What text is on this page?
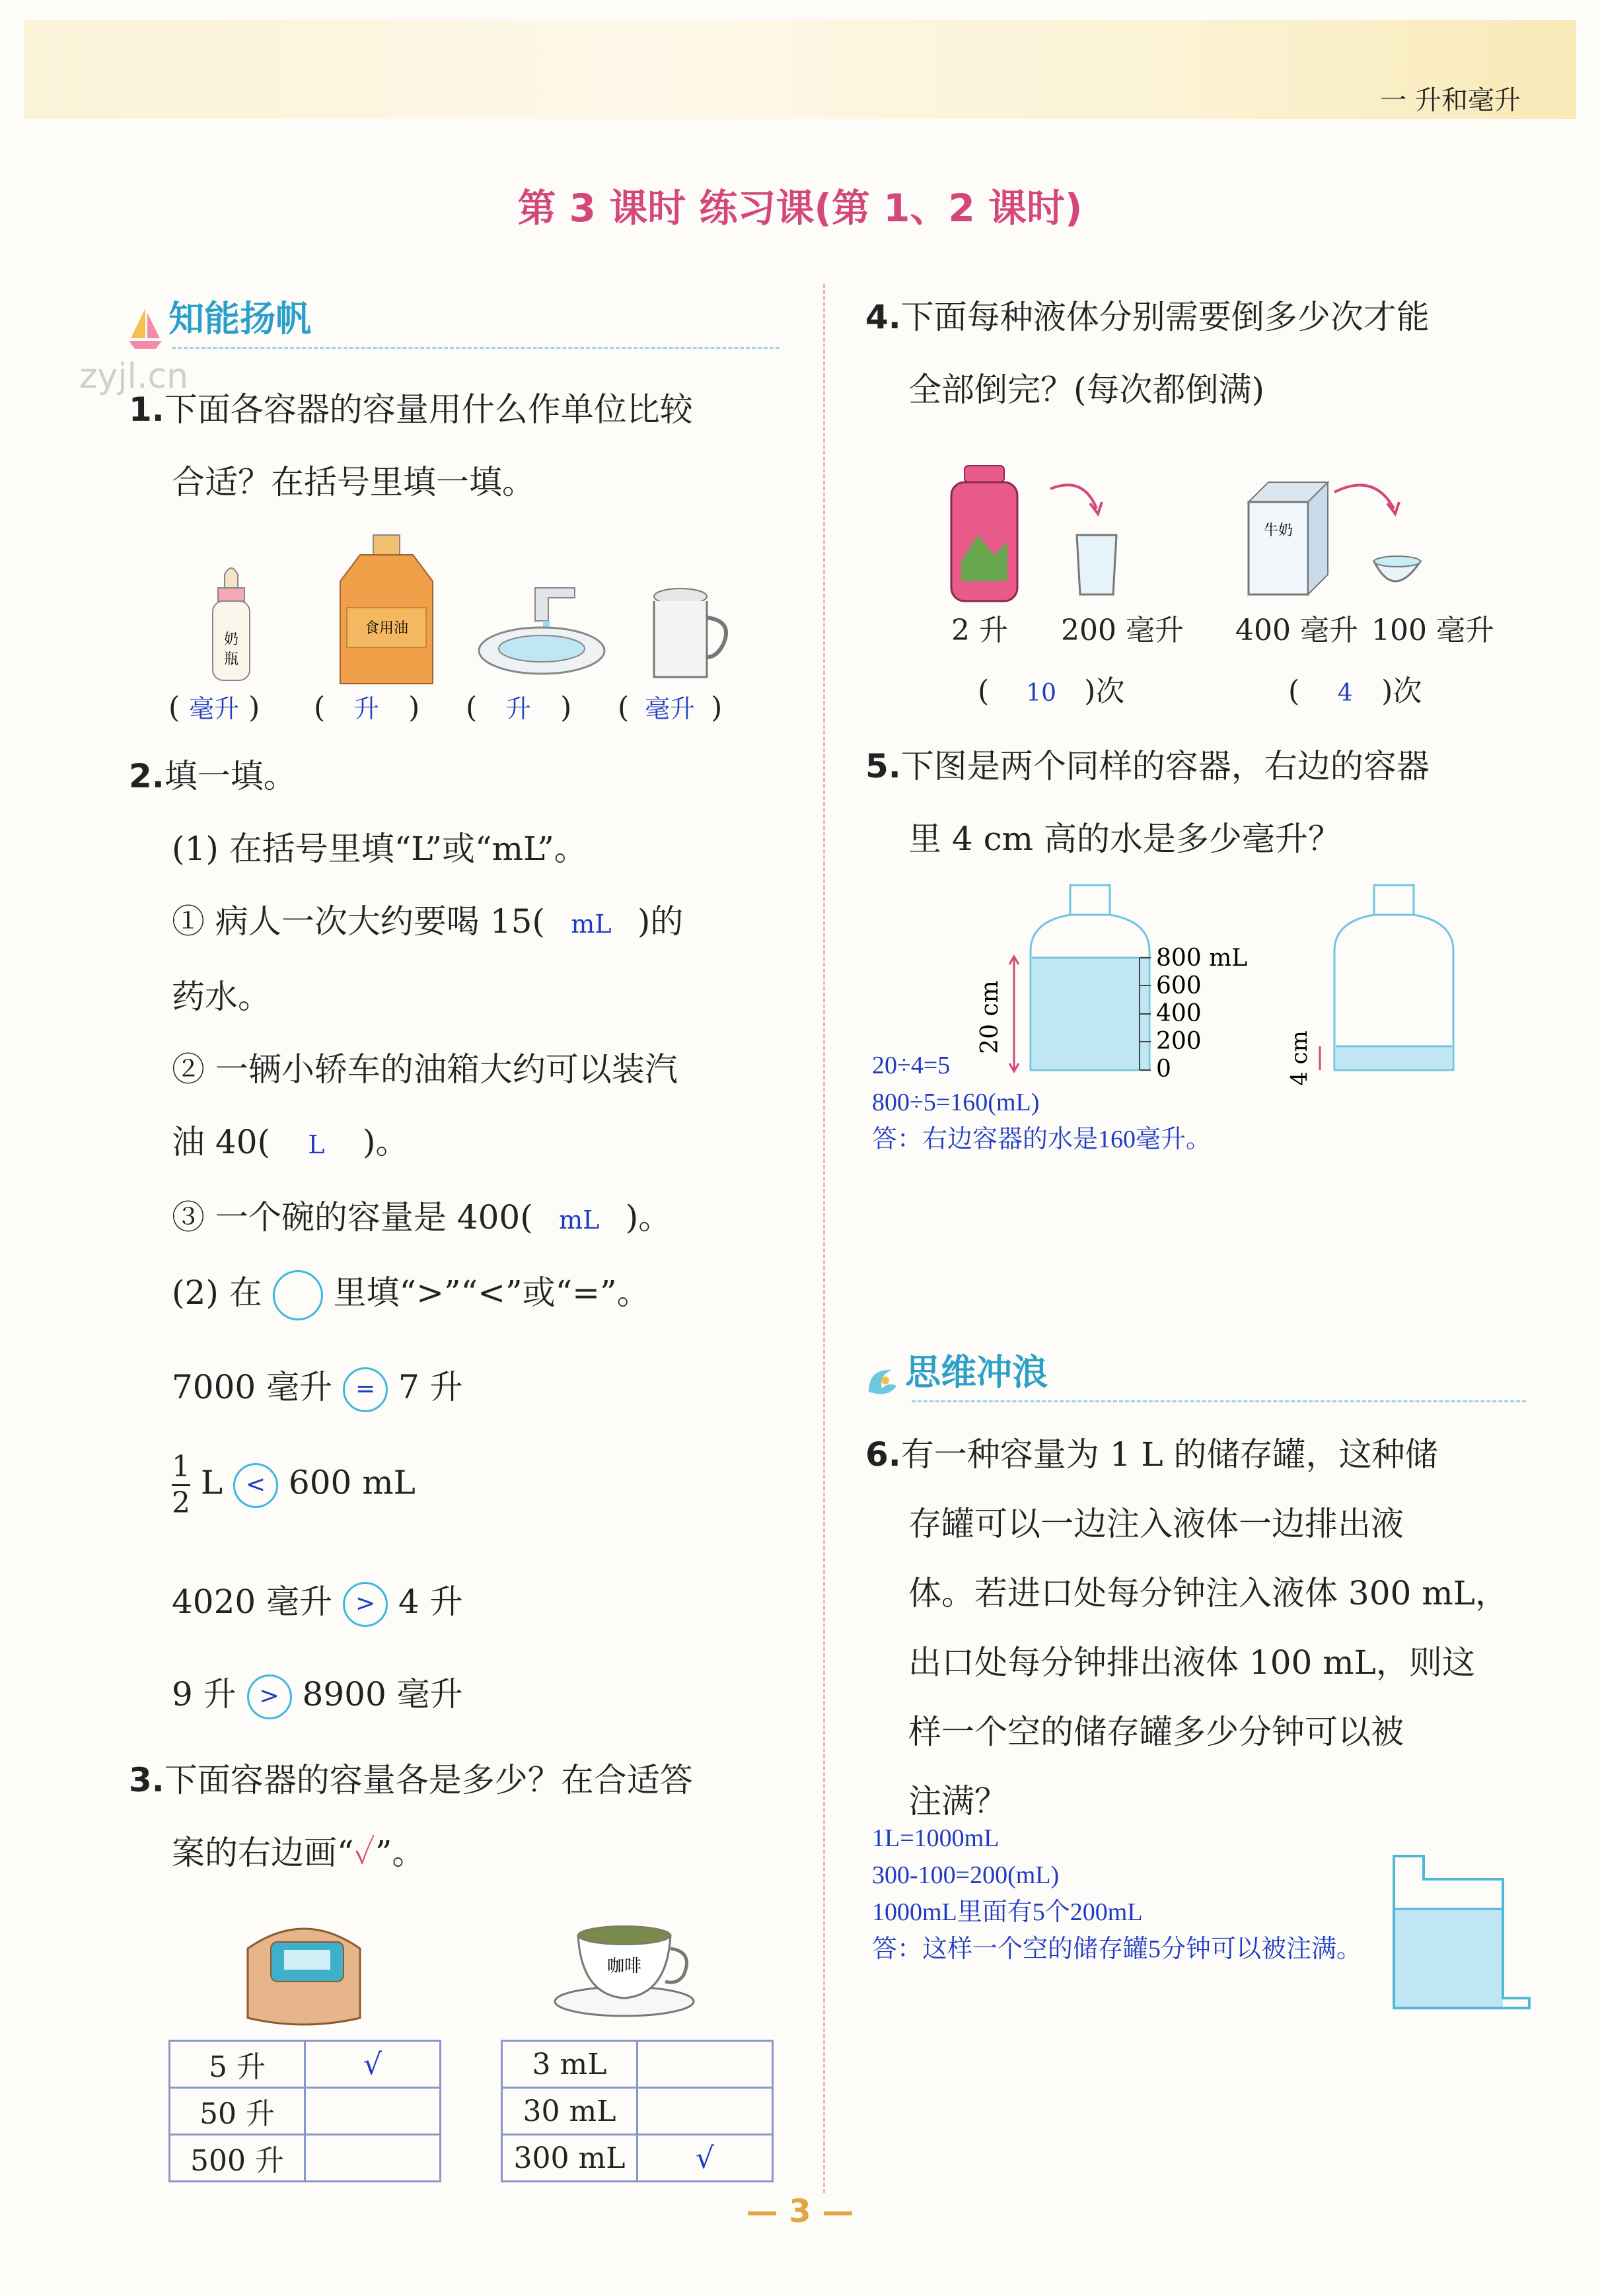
一 升和毫升
第 3 课时 练习课(第 1、2 课时)
zyjl.cn
知能扬帆
1.下面各容器的容量用什么作单位比较
合适？在括号里填一填。
奶
瓶
食用油
( 毫升 ) ( 升 ) ( 升 ) ( 毫升 )
2.填一填。
(1) 在括号里填“L”或“mL”。
① 病人一次大约要喝 15( mL )的
药水。
② 一辆小轿车的油箱大约可以装汽
油 40( L )。
③ 一个碗的容量是 400( mL )。
(2) 在 里填“>”“<”或“=”。
7000 毫升 = 7 升
$\frac{1}{2}$ L < 600 mL
4020 毫升 > 4 升
9 升 > 8900 毫升
3.下面容器的容量各是多少？在合适答
案的右边画“✓”。
咖啡
5 升	√
50 升	
500 升	
3 mL	
30 mL	
300 mL	√
4.下面每种液体分别需要倒多少次才能
全部倒完？(每次都倒满)
牛奶
2 升 200 毫升 400 毫升 100 毫升
( 10 )次	( 4 )次
5.下图是两个同样的容器，右边的容器
里 4 cm 高的水是多少毫升？
20 cm
800 mL
600
400
200
0	4 cm
20÷4=5
800÷5=160(mL)
答：右边容器的水是160毫升。
思维冲浪
6.有一种容量为 1 L 的储存罐，这种储
存罐可以一边注入液体一边排出液
体。若进口处每分钟注入液体 300 mL，
出口处每分钟排出液体 100 mL，则这
样一个空的储存罐多少分钟可以被
注满？
1L=1000mL
300-100=200(mL)
1000mL里面有5个200mL
答：这样一个空的储存罐5分钟可以被注满。
— 3 —
